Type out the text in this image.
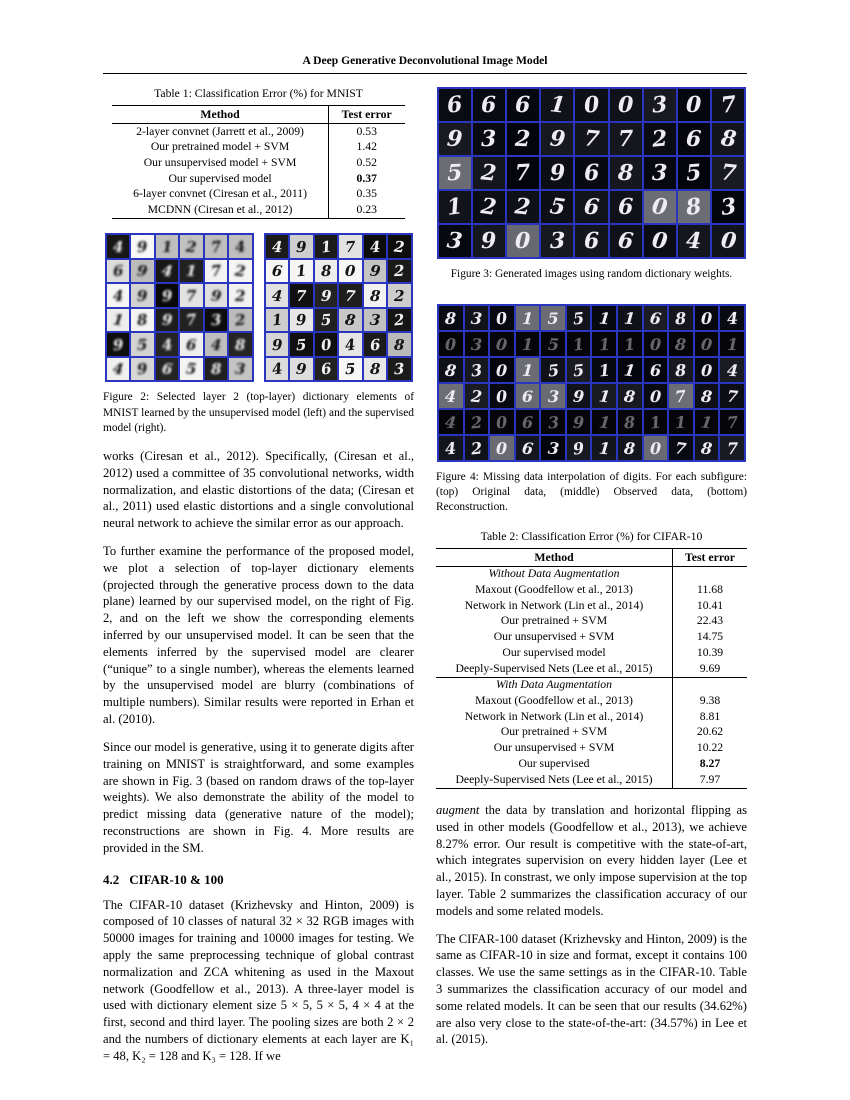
A Deep Generative Deconvolutional Image Model
Table 1: Classification Error (%) for MNIST
Method	Test error
2-layer convnet (Jarrett et al., 2009)	0.53
Our pretrained model + SVM	1.42
Our unsupervised model + SVM	0.52
Our supervised model	0.37
6-layer convnet (Ciresan et al., 2011)	0.35
MCDNN (Ciresan et al., 2012)	0.23
4 9 1 2 7 4
6 9 4 1 7 2
4 9 9 7 9 2
1 8 9 7 3 2
9 5 4 6 4 8
4 9 6 5 8 3
4 9 1 7 4 2
6 1 8 0 9 2
4 7 9 7 8 2
1 9 5 8 3 2
9 5 0 4 6 8
4 9 6 5 8 3
Figure 2: Selected layer 2 (top-layer) dictionary elements of MNIST learned by the unsupervised model (left) and the supervised model (right).

works (Ciresan et al., 2012). Specifically, (Ciresan et al., 2012) used a committee of 35 convolutional networks, width normalization, and elastic distortions of the data; (Ciresan et al., 2011) used elastic distortions and a single convolutional neural network to achieve the similar error as our approach.

To further examine the performance of the proposed model, we plot a selection of top-layer dictionary elements (projected through the generative process down to the data plane) learned by our supervised model, on the right of Fig. 2, and on the left we show the corresponding elements inferred by our unsupervised model. It can be seen that the elements inferred by the supervised model are clearer (“unique” to a single number), whereas the elements learned by the unsupervised model are blurry (combinations of multiple numbers). Similar results were reported in Erhan et al. (2010).

Since our model is generative, using it to generate digits after training on MNIST is straightforward, and some examples are shown in Fig. 3 (based on random draws of the top-layer weights). We also demonstrate the ability of the model to predict missing data (generative nature of the model); reconstructions are shown in Fig. 4. More results are provided in the SM.

4.2 CIFAR-10 & 100

The CIFAR-10 dataset (Krizhevsky and Hinton, 2009) is composed of 10 classes of natural 32 × 32 RGB images with 50000 images for training and 10000 images for testing. We apply the same preprocessing technique of global contrast normalization and ZCA whitening as used in the Maxout network (Goodfellow et al., 2013). A three-layer model is used with dictionary element size 5 × 5, 5 × 5, 4 × 4 at the first, second and third layer. The pooling sizes are both 2 × 2 and the numbers of dictionary elements at each layer are K₁ = 48, K₂ = 128 and K₃ = 128. If we

6 6 6 1 0 0 3 0 7
9 3 2 9 7 7 2 6 8
5 2 7 9 6 8 3 5 7
1 2 2 5 6 6 0 8 3
3 9 0 3 6 6 0 4 0
Figure 3: Generated images using random dictionary weights.
8 3 0 1 5 5 1 1 6 8 0 4
0 3 0 1 5 1 1 1 0 8 0 1
8 3 0 1 5 5 1 1 6 8 0 4
4 2 0 6 3 9 1 8 0 7 8 7
4 2 0 6 3 9 1 8 1 1 1 7
4 2 0 6 3 9 1 8 0 7 8 7
Figure 4: Missing data interpolation of digits. For each subfigure: (top) Original data, (middle) Observed data, (bottom) Reconstruction.
Table 2: Classification Error (%) for CIFAR-10
Method	Test error
Without Data Augmentation	
Maxout (Goodfellow et al., 2013)	11.68
Network in Network (Lin et al., 2014)	10.41
Our pretrained + SVM	22.43
Our unsupervised + SVM	14.75
Our supervised model	10.39
Deeply-Supervised Nets (Lee et al., 2015)	9.69
With Data Augmentation	
Maxout (Goodfellow et al., 2013)	9.38
Network in Network (Lin et al., 2014)	8.81
Our pretrained + SVM	20.62
Our unsupervised + SVM	10.22
Our supervised	8.27
Deeply-Supervised Nets (Lee et al., 2015)	7.97

augment the data by translation and horizontal flipping as used in other models (Goodfellow et al., 2013), we achieve 8.27% error. Our result is competitive with the state-of-art, which integrates supervision on every hidden layer (Lee et al., 2015). In constrast, we only impose supervision at the top layer. Table 2 summarizes the classification accuracy of our models and some related models.

The CIFAR-100 dataset (Krizhevsky and Hinton, 2009) is the same as CIFAR-10 in size and format, except it contains 100 classes. We use the same settings as in the CIFAR-10. Table 3 summarizes the classification accuracy of our model and some related models. It can be seen that our results (34.62%) are also very close to the state-of-the-art: (34.57%) in Lee et al. (2015).
